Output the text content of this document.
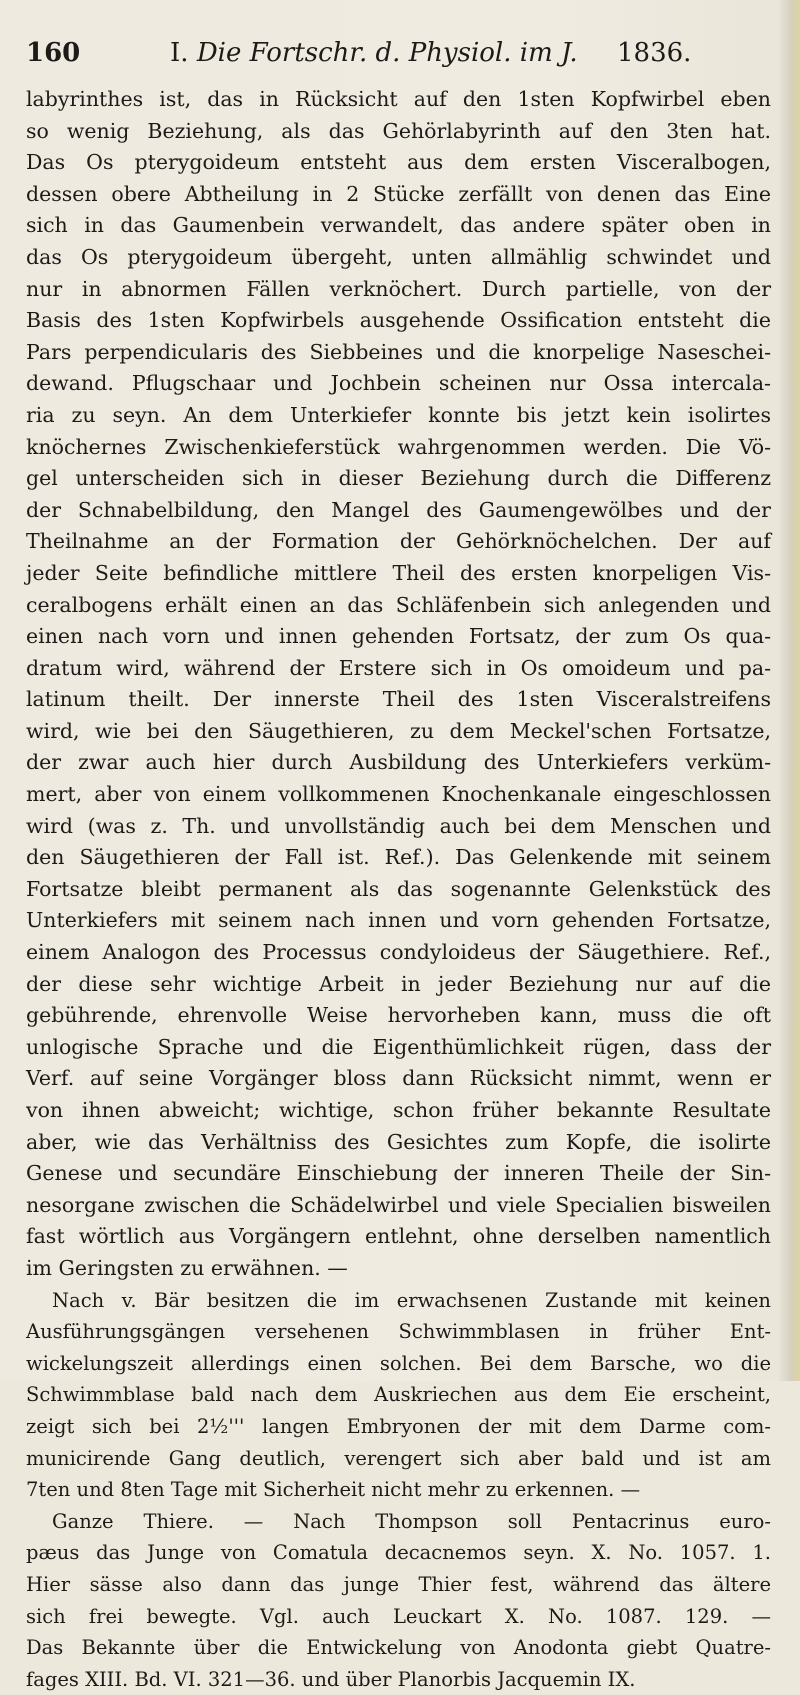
160	I. Die Fortschr. d. Physiol. im J. 1836.
labyrinthes ist, das in Rücksicht auf den 1sten Kopfwirbel eben
so wenig Beziehung, als das Gehörlabyrinth auf den 3ten hat.
Das Os pterygoideum entsteht aus dem ersten Visceralbogen,
dessen obere Abtheilung in 2 Stücke zerfällt von denen das Eine
sich in das Gaumenbein verwandelt, das andere später oben in
das Os pterygoideum übergeht, unten allmählig schwindet und
nur in abnormen Fällen verknöchert. Durch partielle, von der
Basis des 1sten Kopfwirbels ausgehende Ossification entsteht die
Pars perpendicularis des Siebbeines und die knorpelige Naseschei-
dewand. Pflugschaar und Jochbein scheinen nur Ossa intercala-
ria zu seyn. An dem Unterkiefer konnte bis jetzt kein isolirtes
knöchernes Zwischenkieferstück wahrgenommen werden. Die Vö-
gel unterscheiden sich in dieser Beziehung durch die Differenz
der Schnabelbildung, den Mangel des Gaumengewölbes und der
Theilnahme an der Formation der Gehörknöchelchen. Der auf
jeder Seite befindliche mittlere Theil des ersten knorpeligen Vis-
ceralbogens erhält einen an das Schläfenbein sich anlegenden und
einen nach vorn und innen gehenden Fortsatz, der zum Os qua-
dratum wird, während der Erstere sich in Os omoideum und pa-
latinum theilt. Der innerste Theil des 1sten Visceralstreifens
wird, wie bei den Säugethieren, zu dem Meckel'schen Fortsatze,
der zwar auch hier durch Ausbildung des Unterkiefers verküm-
mert, aber von einem vollkommenen Knochenkanale eingeschlossen
wird (was z. Th. und unvollständig auch bei dem Menschen und
den Säugethieren der Fall ist. Ref.). Das Gelenkende mit seinem
Fortsatze bleibt permanent als das sogenannte Gelenkstück des
Unterkiefers mit seinem nach innen und vorn gehenden Fortsatze,
einem Analogon des Processus condyloideus der Säugethiere. Ref.,
der diese sehr wichtige Arbeit in jeder Beziehung nur auf die
gebührende, ehrenvolle Weise hervorheben kann, muss die oft
unlogische Sprache und die Eigenthümlichkeit rügen, dass der
Verf. auf seine Vorgänger bloss dann Rücksicht nimmt, wenn er
von ihnen abweicht; wichtige, schon früher bekannte Resultate
aber, wie das Verhältniss des Gesichtes zum Kopfe, die isolirte
Genese und secundäre Einschiebung der inneren Theile der Sin-
nesorgane zwischen die Schädelwirbel und viele Specialien bisweilen
fast wörtlich aus Vorgängern entlehnt, ohne derselben namentlich
im Geringsten zu erwähnen. —
Nach v. Bär besitzen die im erwachsenen Zustande mit keinen
Ausführungsgängen versehenen Schwimmblasen in früher Ent-
wickelungszeit allerdings einen solchen. Bei dem Barsche, wo die
Schwimmblase bald nach dem Auskriechen aus dem Eie erscheint,
zeigt sich bei 2½''' langen Embryonen der mit dem Darme com-
municirende Gang deutlich, verengert sich aber bald und ist am
7ten und 8ten Tage mit Sicherheit nicht mehr zu erkennen. —
Ganze Thiere. — Nach Thompson soll Pentacrinus euro-
pæus das Junge von Comatula decacnemos seyn. X. No. 1057. 1.
Hier sässe also dann das junge Thier fest, während das ältere
sich frei bewegte. Vgl. auch Leuckart X. No. 1087. 129. —
Das Bekannte über die Entwickelung von Anodonta giebt Quatre-
fages XIII. Bd. VI. 321—36. und über Planorbis Jacquemin IX.
